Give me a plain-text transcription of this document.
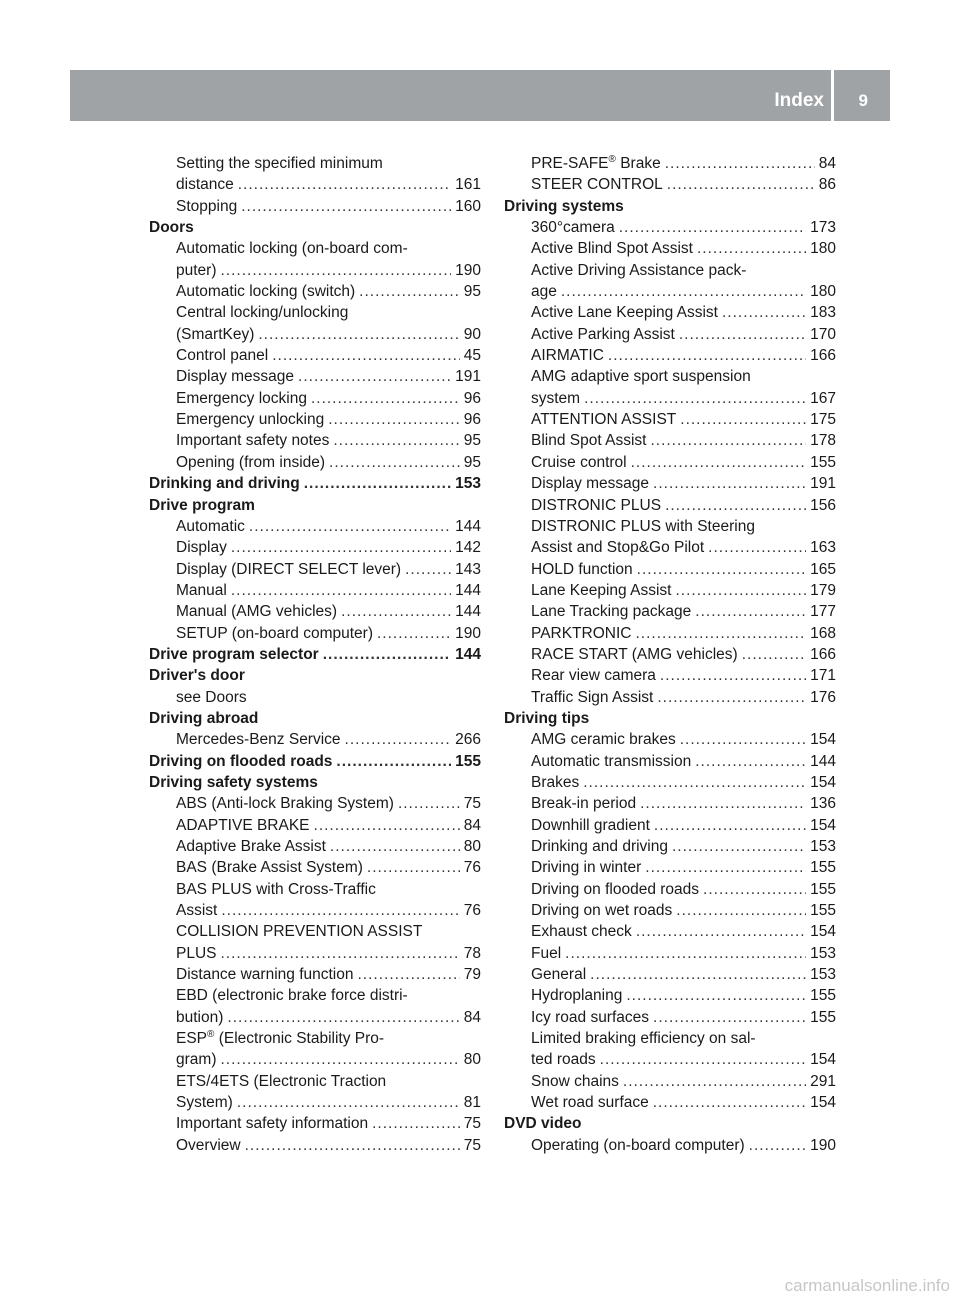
Index 9
Setting the specified minimum
distance .....	161
Stopping .....	160
Doors
Automatic locking (on-board com-
puter) .....	190
Automatic locking (switch) .....	95
Central locking/unlocking
(SmartKey) .....	90
Control panel .....	45
Display message .....	191
Emergency locking .....	96
Emergency unlocking .....	96
Important safety notes .....	95
Opening (from inside) .....	95
Drinking and driving .....	153
Drive program
Automatic .....	144
Display .....	142
Display (DIRECT SELECT lever) .....	143
Manual .....	144
Manual (AMG vehicles) .....	144
SETUP (on-board computer) .....	190
Drive program selector .....	144
Driver's door
see Doors
Driving abroad
Mercedes-Benz Service .....	266
Driving on flooded roads .....	155
Driving safety systems
ABS (Anti-lock Braking System) .....	75
ADAPTIVE BRAKE .....	84
Adaptive Brake Assist .....	80
BAS (Brake Assist System) .....	76
BAS PLUS with Cross-Traffic
Assist .....	76
COLLISION PREVENTION ASSIST
PLUS .....	78
Distance warning function .....	79
EBD (electronic brake force distri-
bution) .....	84
ESP® (Electronic Stability Pro-
gram) .....	80
ETS/4ETS (Electronic Traction
System) .....	81
Important safety information .....	75
Overview .....	75
PRE-SAFE® Brake .....	84
STEER CONTROL .....	86
Driving systems
360°camera .....	173
Active Blind Spot Assist .....	180
Active Driving Assistance pack-
age .....	180
Active Lane Keeping Assist .....	183
Active Parking Assist .....	170
AIRMATIC .....	166
AMG adaptive sport suspension
system .....	167
ATTENTION ASSIST .....	175
Blind Spot Assist .....	178
Cruise control .....	155
Display message .....	191
DISTRONIC PLUS .....	156
DISTRONIC PLUS with Steering
Assist and Stop&Go Pilot .....	163
HOLD function .....	165
Lane Keeping Assist .....	179
Lane Tracking package .....	177
PARKTRONIC .....	168
RACE START (AMG vehicles) .....	166
Rear view camera .....	171
Traffic Sign Assist .....	176
Driving tips
AMG ceramic brakes .....	154
Automatic transmission .....	144
Brakes .....	154
Break-in period .....	136
Downhill gradient .....	154
Drinking and driving .....	153
Driving in winter .....	155
Driving on flooded roads .....	155
Driving on wet roads .....	155
Exhaust check .....	154
Fuel .....	153
General .....	153
Hydroplaning .....	155
Icy road surfaces .....	155
Limited braking efficiency on sal-
ted roads .....	154
Snow chains .....	291
Wet road surface .....	154
DVD video
Operating (on-board computer) .....	190
carmanualsonline.info
